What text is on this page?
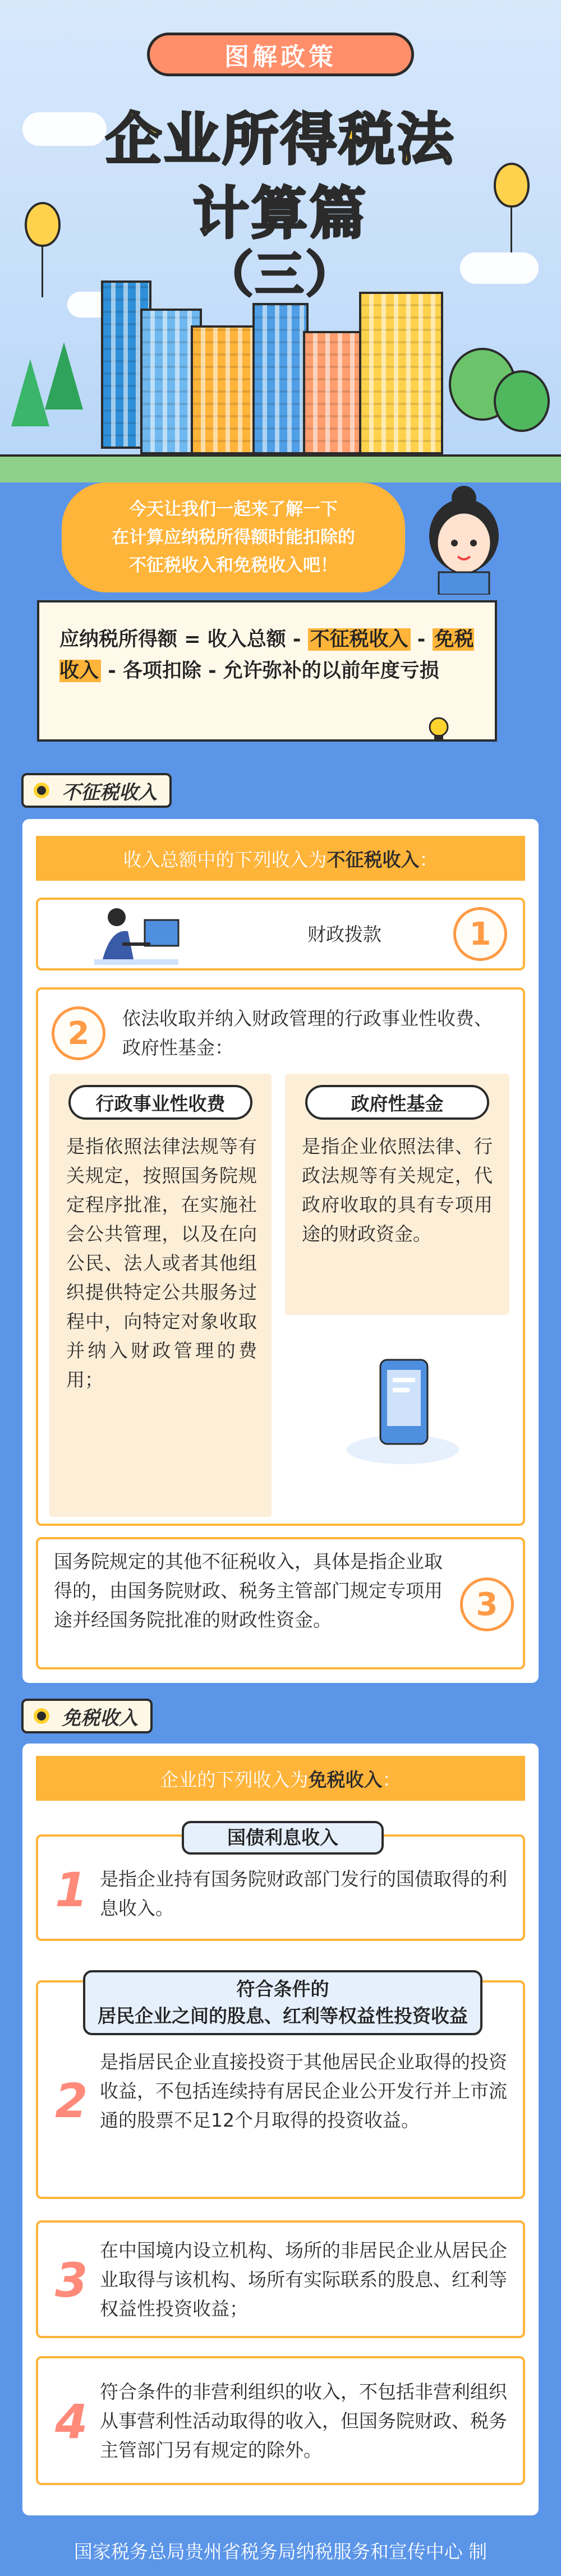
图解政策
企业所得税法
计算篇
（三）

今天让我们一起来了解一下
在计算应纳税所得额时能扣除的
不征税收入和免税收入吧！

应纳税所得额 = 收入总额 - 不征税收入 - 免税收入 - 各项扣除 - 允许弥补的以前年度亏损
不征税收入
收入总额中的下列收入为 不征税收入 ：
财政拨款	1
2	依法收取并纳入财政管理的行政事业性收费、政府性基金：
行政事业性收费
是指依照法律法规等有关规定，按照国务院规定程序批准，在实施社会公共管理，以及在向公民、法人或者其他组织提供特定公共服务过程中，向特定对象收取并纳入财政管理的费用；
政府性基金
是指企业依照法律、行政法规等有关规定，代政府收取的具有专项用途的财政资金。
国务院规定的其他不征税收入，具体是指企业取得的，由国务院财政、税务主管部门规定专项用途并经国务院批准的财政性资金。	3
免税收入
企业的下列收入为 免税收入 ：
国债利息收入
1 是指企业持有国务院财政部门发行的国债取得的利息收入。
符合条件的
居民企业之间的股息、红利等权益性投资收益
2
是指居民企业直接投资于其他居民企业取得的投资收益，不包括连续持有居民企业公开发行并上市流通的股票不足12个月取得的投资收益。
3
在中国境内设立机构、场所的非居民企业从居民企业取得与该机构、场所有实际联系的股息、红利等权益性投资收益；
4
符合条件的非营利组织的收入，不包括非营利组织从事营利性活动取得的收入，但国务院财政、税务主管部门另有规定的除外。
国家税务总局贵州省税务局纳税服务和宣传中心 制
